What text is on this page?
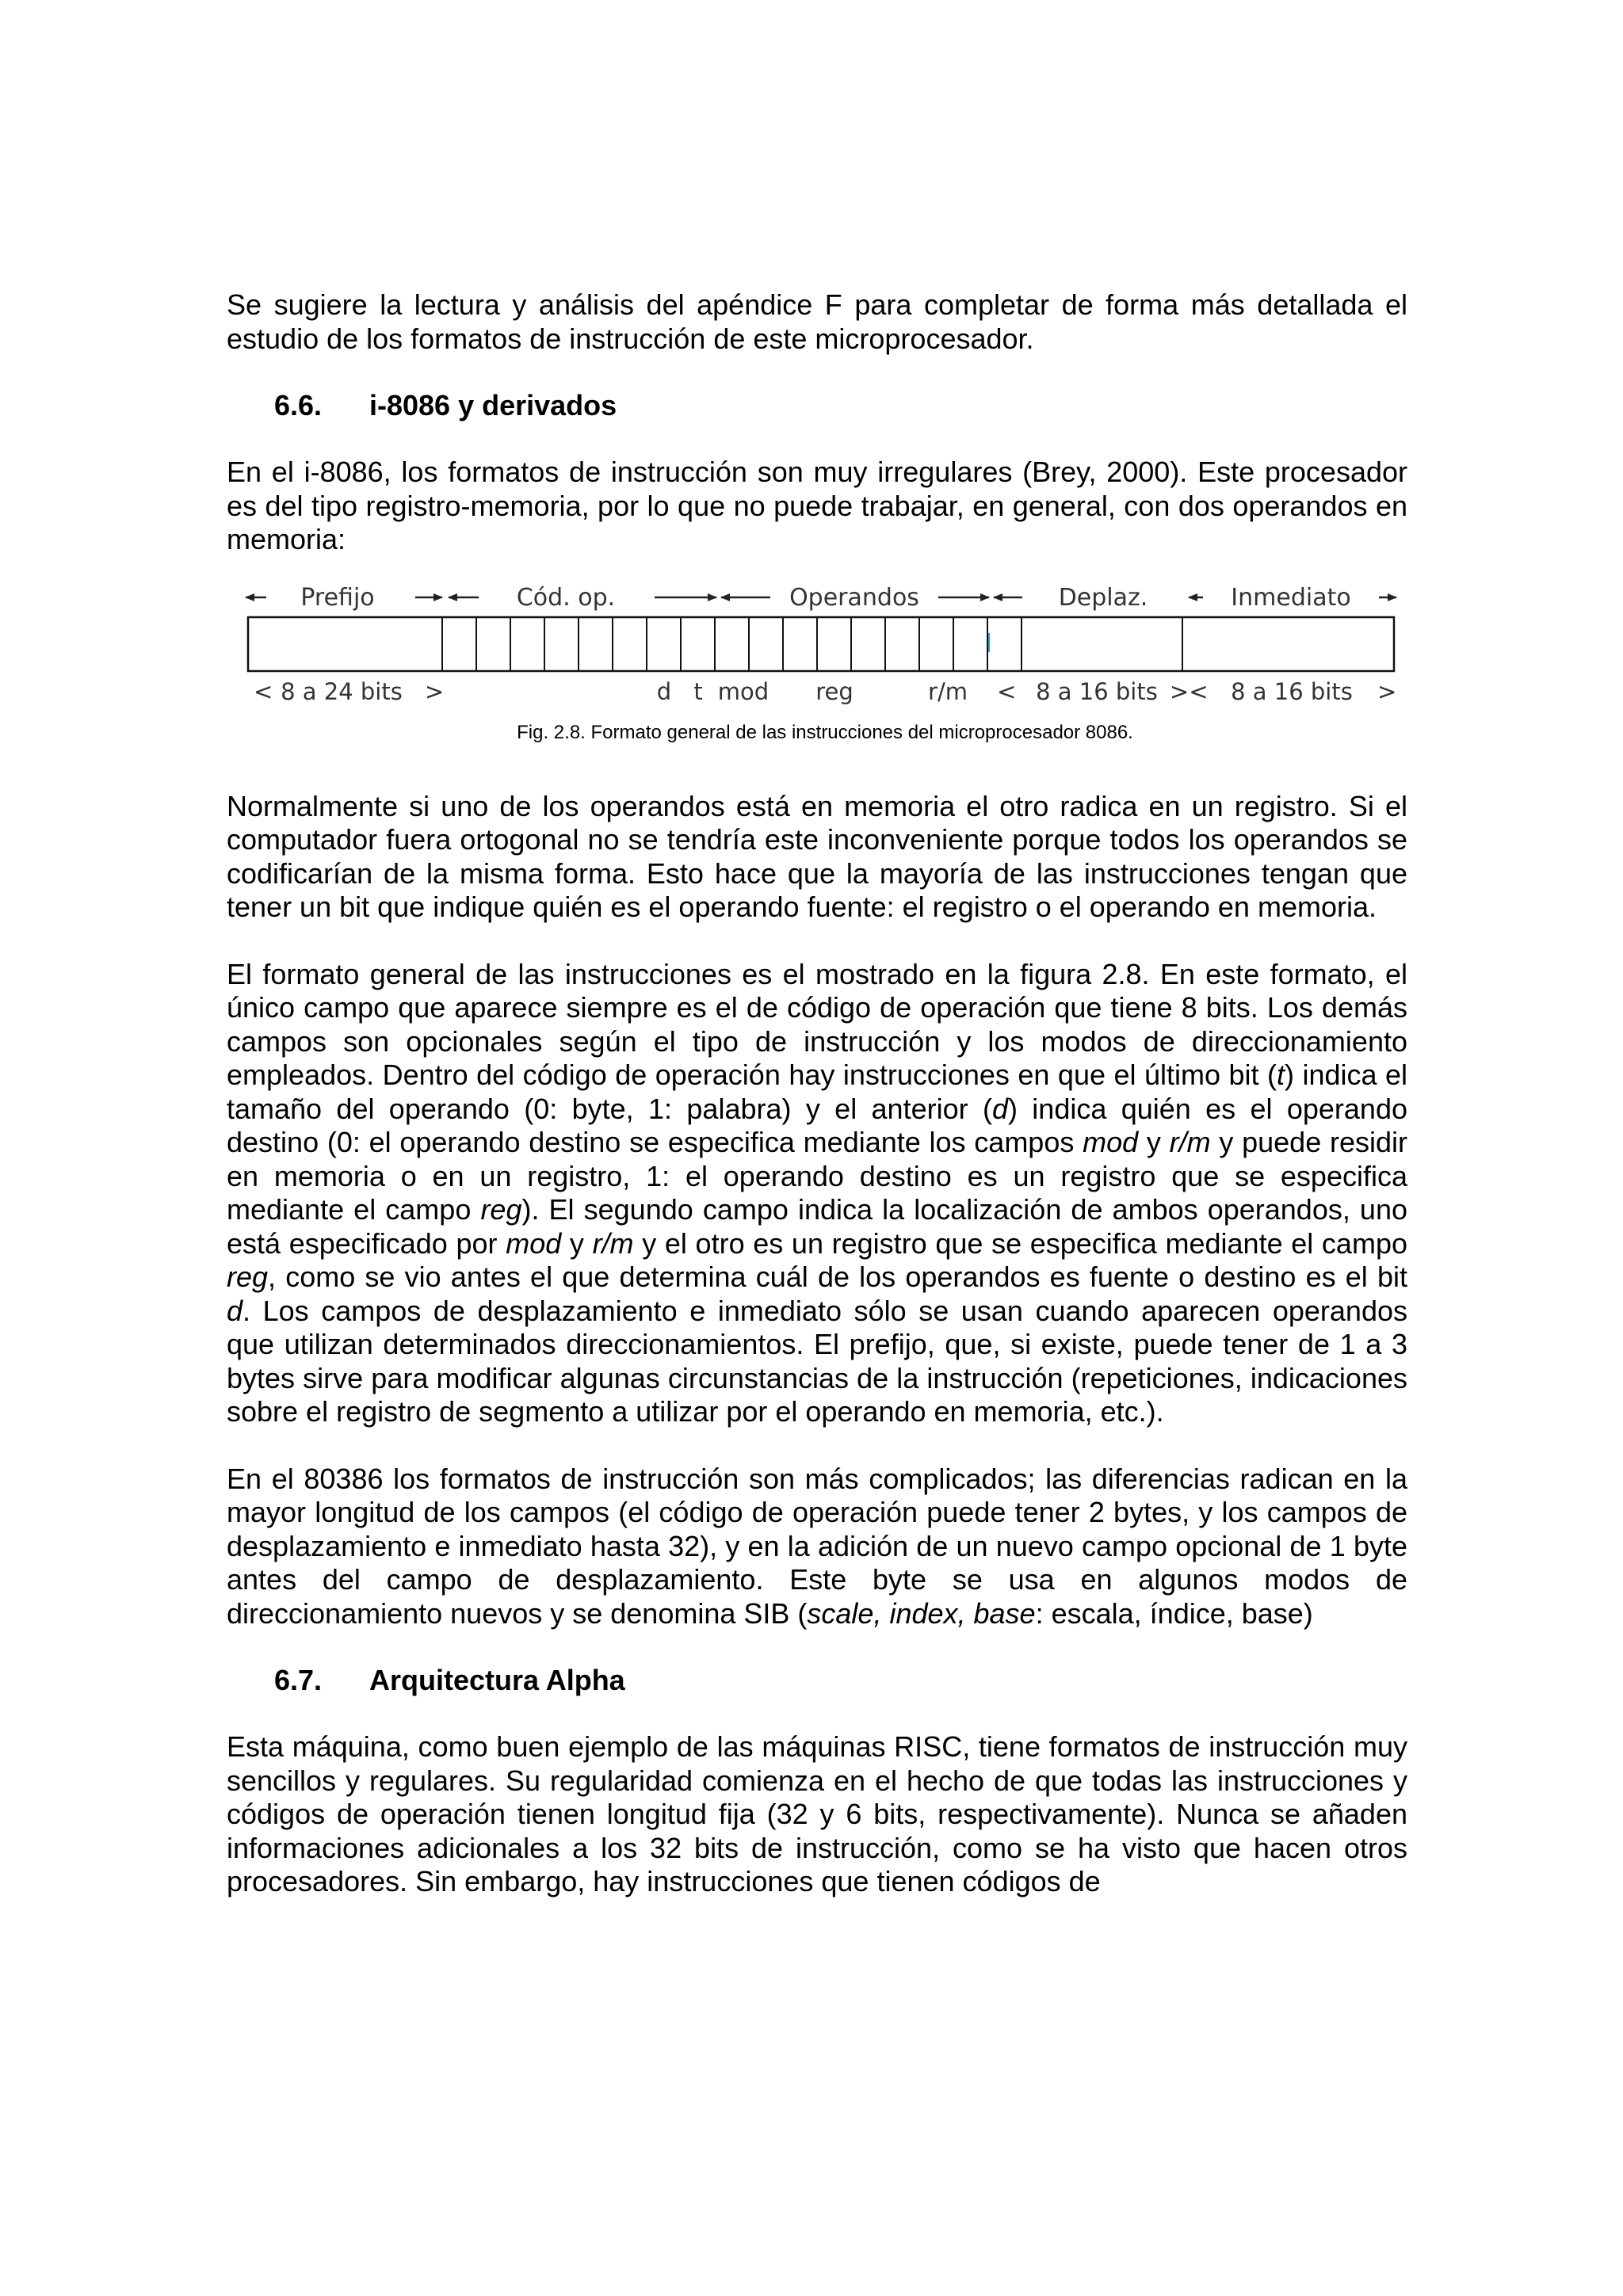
Se sugiere la lectura y análisis del apéndice F para completar de forma más detallada el estudio de los formatos de instrucción de este microprocesador.

6.6.	i-8086 y derivados

En el i-8086, los formatos de instrucción son muy irregulares (Brey, 2000). Este procesador es del tipo registro-memoria, por lo que no puede trabajar, en general, con dos operandos en memoria:

Prefijo	Cód. op.	Operandos	Deplaz.	Inmediato
< 8 a 24 bits >	d t mod reg	r/m < 8 a 16 bits >< 8 a 16 bits >

Fig. 2.8. Formato general de las instrucciones del microprocesador 8086.

Normalmente si uno de los operandos está en memoria el otro radica en un registro. Si el computador fuera ortogonal no se tendría este inconveniente porque todos los operandos se codificarían de la misma forma. Esto hace que la mayoría de las instrucciones tengan que tener un bit que indique quién es el operando fuente: el registro o el operando en memoria.

El formato general de las instrucciones es el mostrado en la figura 2.8. En este formato, el único campo que aparece siempre es el de código de operación que tiene 8 bits. Los demás campos son opcionales según el tipo de instrucción y los modos de direccionamiento empleados. Dentro del código de operación hay instrucciones en que el último bit (t) indica el tamaño del operando (0: byte, 1: palabra) y el anterior (d) indica quién es el operando destino (0: el operando destino se especifica mediante los campos mod y r/m y puede residir en memoria o en un registro, 1: el operando destino es un registro que se especifica mediante el campo reg). El segundo campo indica la localización de ambos operandos, uno está especificado por mod y r/m y el otro es un registro que se especifica mediante el campo reg, como se vio antes el que determina cuál de los operandos es fuente o destino es el bit d. Los campos de desplazamiento e inmediato sólo se usan cuando aparecen operandos que utilizan determinados direccionamientos. El prefijo, que, si existe, puede tener de 1 a 3 bytes sirve para modificar algunas circunstancias de la instrucción (repeticiones, indicaciones sobre el registro de segmento a utilizar por el operando en memoria, etc.).

En el 80386 los formatos de instrucción son más complicados; las diferencias radican en la mayor longitud de los campos (el código de operación puede tener 2 bytes, y los campos de desplazamiento e inmediato hasta 32), y en la adición de un nuevo campo opcional de 1 byte antes del campo de desplazamiento. Este byte se usa en algunos modos de direccionamiento nuevos y se denomina SIB (scale, index, base: escala, índice, base)

6.7.	Arquitectura Alpha

Esta máquina, como buen ejemplo de las máquinas RISC, tiene formatos de instrucción muy sencillos y regulares. Su regularidad comienza en el hecho de que todas las instrucciones y códigos de operación tienen longitud fija (32 y 6 bits, respectivamente). Nunca se añaden informaciones adicionales a los 32 bits de instrucción, como se ha visto que hacen otros procesadores. Sin embargo, hay instrucciones que tienen códigos de
